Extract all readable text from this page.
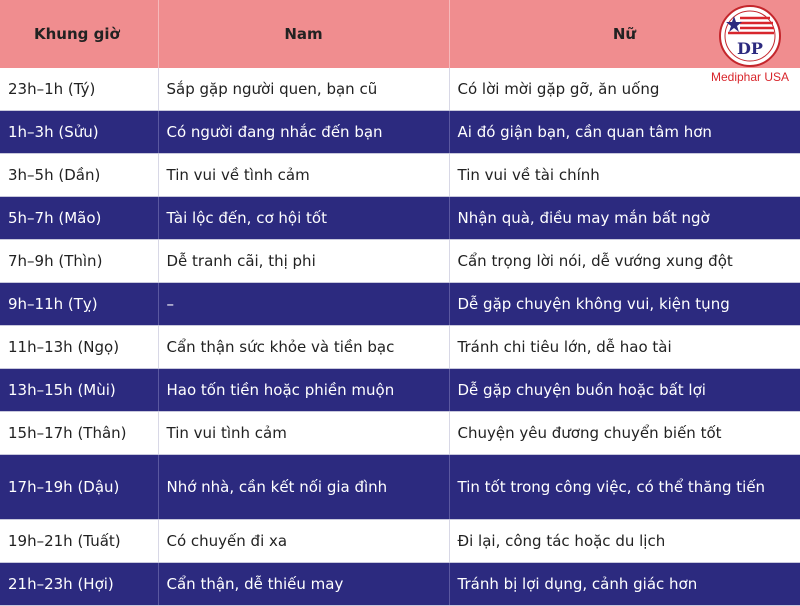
Khung giờ	Nam	Nữ
23h–1h (Tý)	Sắp gặp người quen, bạn cũ	Có lời mời gặp gỡ, ăn uống
1h–3h (Sửu)	Có người đang nhắc đến bạn	Ai đó giận bạn, cần quan tâm hơn
3h–5h (Dần)	Tin vui về tình cảm	Tin vui về tài chính
5h–7h (Mão)	Tài lộc đến, cơ hội tốt	Nhận quà, điều may mắn bất ngờ
7h–9h (Thìn)	Dễ tranh cãi, thị phi	Cẩn trọng lời nói, dễ vướng xung đột
9h–11h (Tỵ)	–	Dễ gặp chuyện không vui, kiện tụng
11h–13h (Ngọ)	Cẩn thận sức khỏe và tiền bạc	Tránh chi tiêu lớn, dễ hao tài
13h–15h (Mùi)	Hao tốn tiền hoặc phiền muộn	Dễ gặp chuyện buồn hoặc bất lợi
15h–17h (Thân)	Tin vui tình cảm	Chuyện yêu đương chuyển biến tốt
17h–19h (Dậu)	Nhớ nhà, cần kết nối gia đình	Tin tốt trong công việc, có thể thăng tiến
19h–21h (Tuất)	Có chuyến đi xa	Đi lại, công tác hoặc du lịch
21h–23h (Hợi)	Cẩn thận, dễ thiếu may	Tránh bị lợi dụng, cảnh giác hơn
DP
Mediphar USA
